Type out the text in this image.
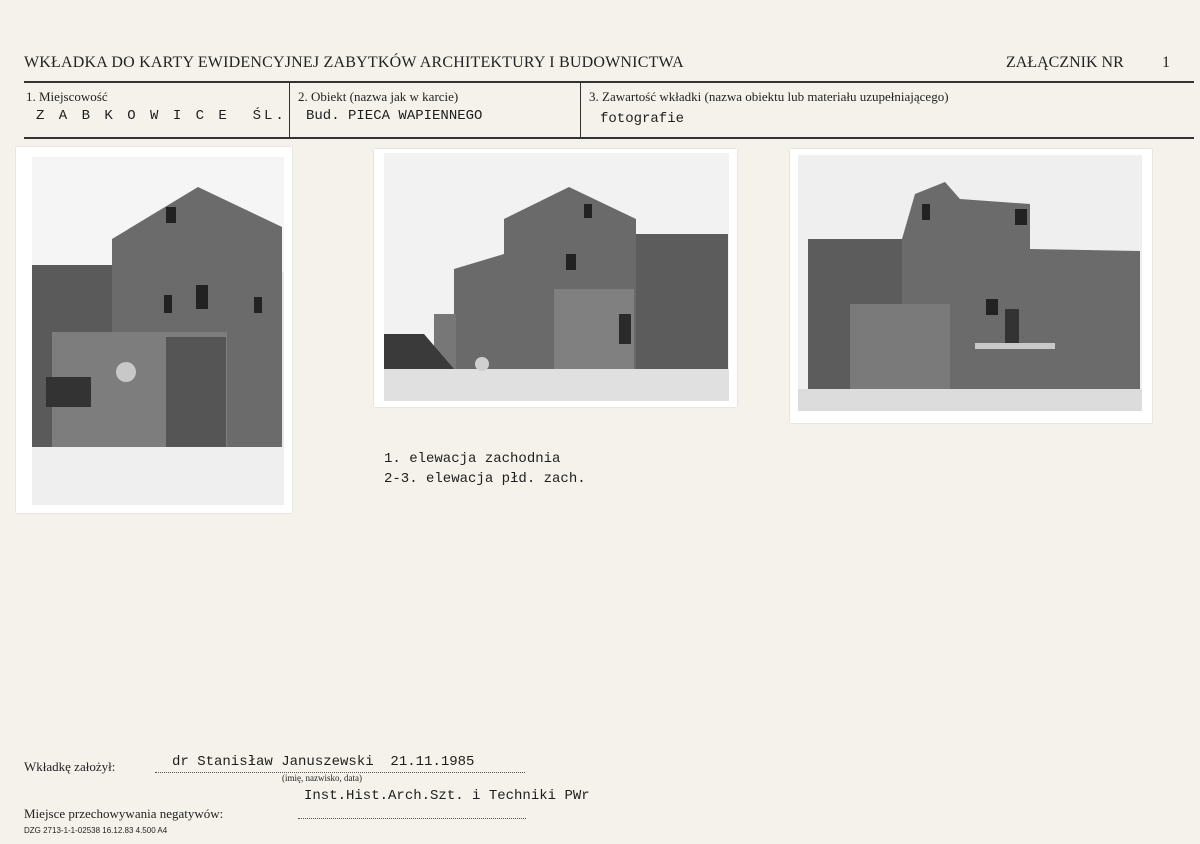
WKŁADKA DO KARTY EWIDENCYJNEJ ZABYTKÓW ARCHITEKTURY I BUDOWNICTWA	ZAŁĄCZNIK NR 1
1. Miejscowość
Z A B K O W I C E  ŚL.
2. Obiekt (nazwa jak w karcie)
Bud. PIECA WAPIENNEGO
3. Zawartość wkładki (nazwa obiektu lub materiału uzupełniającego)
fotografie
1. elewacja zachodnia
2-3. elewacja płd. zach.
Wkładkę założył:	dr Stanisław Januszewski  21.11.1985
(imię, nazwisko, data)
Inst.Hist.Arch.Szt. i Techniki PWr
Miejsce przechowywania negatywów:
DZG 2713-1-1-02538 16.12.83 4.500 A4
